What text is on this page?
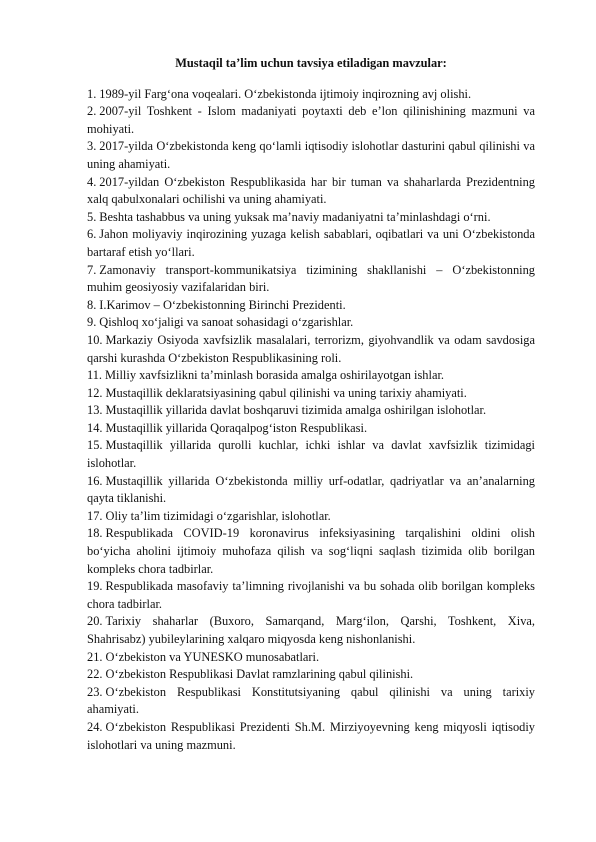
Mustaqil ta’lim uchun tavsiya etiladigan mavzular:
1. 1989-yil Farg‘ona voqealari. O‘zbekistonda ijtimoiy inqirozning avj olishi.
2. 2007-yil Toshkent - Islom madaniyati poytaxti deb e’lon qilinishining mazmuni va mohiyati.
3. 2017-yilda O‘zbekistonda keng qo‘lamli iqtisodiy islohotlar dasturini qabul qilinishi va uning ahamiyati.
4. 2017-yildan O‘zbekiston Respublikasida har bir tuman va shaharlarda Prezidentning xalq qabulxonalari ochilishi va uning ahamiyati.
5. Beshta tashabbus va uning yuksak ma’naviy madaniyatni ta’minlashdagi o‘rni.
6. Jahon moliyaviy inqirozining yuzaga kelish sabablari, oqibatlari va uni O‘zbekistonda bartaraf etish yo‘llari.
7. Zamonaviy transport-kommunikatsiya tizimining shakllanishi – O‘zbekistonning muhim geosiyosiy vazifalaridan biri.
8. I.Karimov – O‘zbekistonning Birinchi Prezidenti.
9. Qishloq xo‘jaligi va sanoat sohasidagi o‘zgarishlar.
10. Markaziy Osiyoda xavfsizlik masalalari, terrorizm, giyohvandlik va odam savdosiga qarshi kurashda O‘zbekiston Respublikasining roli.
11. Milliy xavfsizlikni ta’minlash borasida amalga oshirilayotgan ishlar.
12. Mustaqillik deklaratsiyasining qabul qilinishi va uning tarixiy ahamiyati.
13. Mustaqillik yillarida davlat boshqaruvi tizimida amalga oshirilgan islohotlar.
14. Mustaqillik yillarida Qoraqalpog‘iston Respublikasi.
15. Mustaqillik yillarida qurolli kuchlar, ichki ishlar va davlat xavfsizlik tizimidagi islohotlar.
16. Mustaqillik yillarida O‘zbekistonda milliy urf-odatlar, qadriyatlar va an’analarning qayta tiklanishi.
17. Oliy ta’lim tizimidagi o‘zgarishlar, islohotlar.
18. Respublikada COVID-19 koronavirus infeksiyasining tarqalishini oldini olish bo‘yicha aholini ijtimoiy muhofaza qilish va sog‘liqni saqlash tizimida olib borilgan kompleks chora tadbirlar.
19. Respublikada masofaviy ta’limning rivojlanishi va bu sohada olib borilgan kompleks chora tadbirlar.
20. Tarixiy shaharlar (Buxoro, Samarqand, Marg‘ilon, Qarshi, Toshkent, Xiva, Shahrisabz) yubileylarining xalqaro miqyosda keng nishonlanishi.
21. O‘zbekiston va YUNESKO munosabatlari.
22. O‘zbekiston Respublikasi Davlat ramzlarining qabul qilinishi.
23. O‘zbekiston Respublikasi Konstitutsiyaning qabul qilinishi va uning tarixiy ahamiyati.
24. O‘zbekiston Respublikasi Prezidenti Sh.M. Mirziyoyevning keng miqyosli iqtisodiy islohotlari va uning mazmuni.
